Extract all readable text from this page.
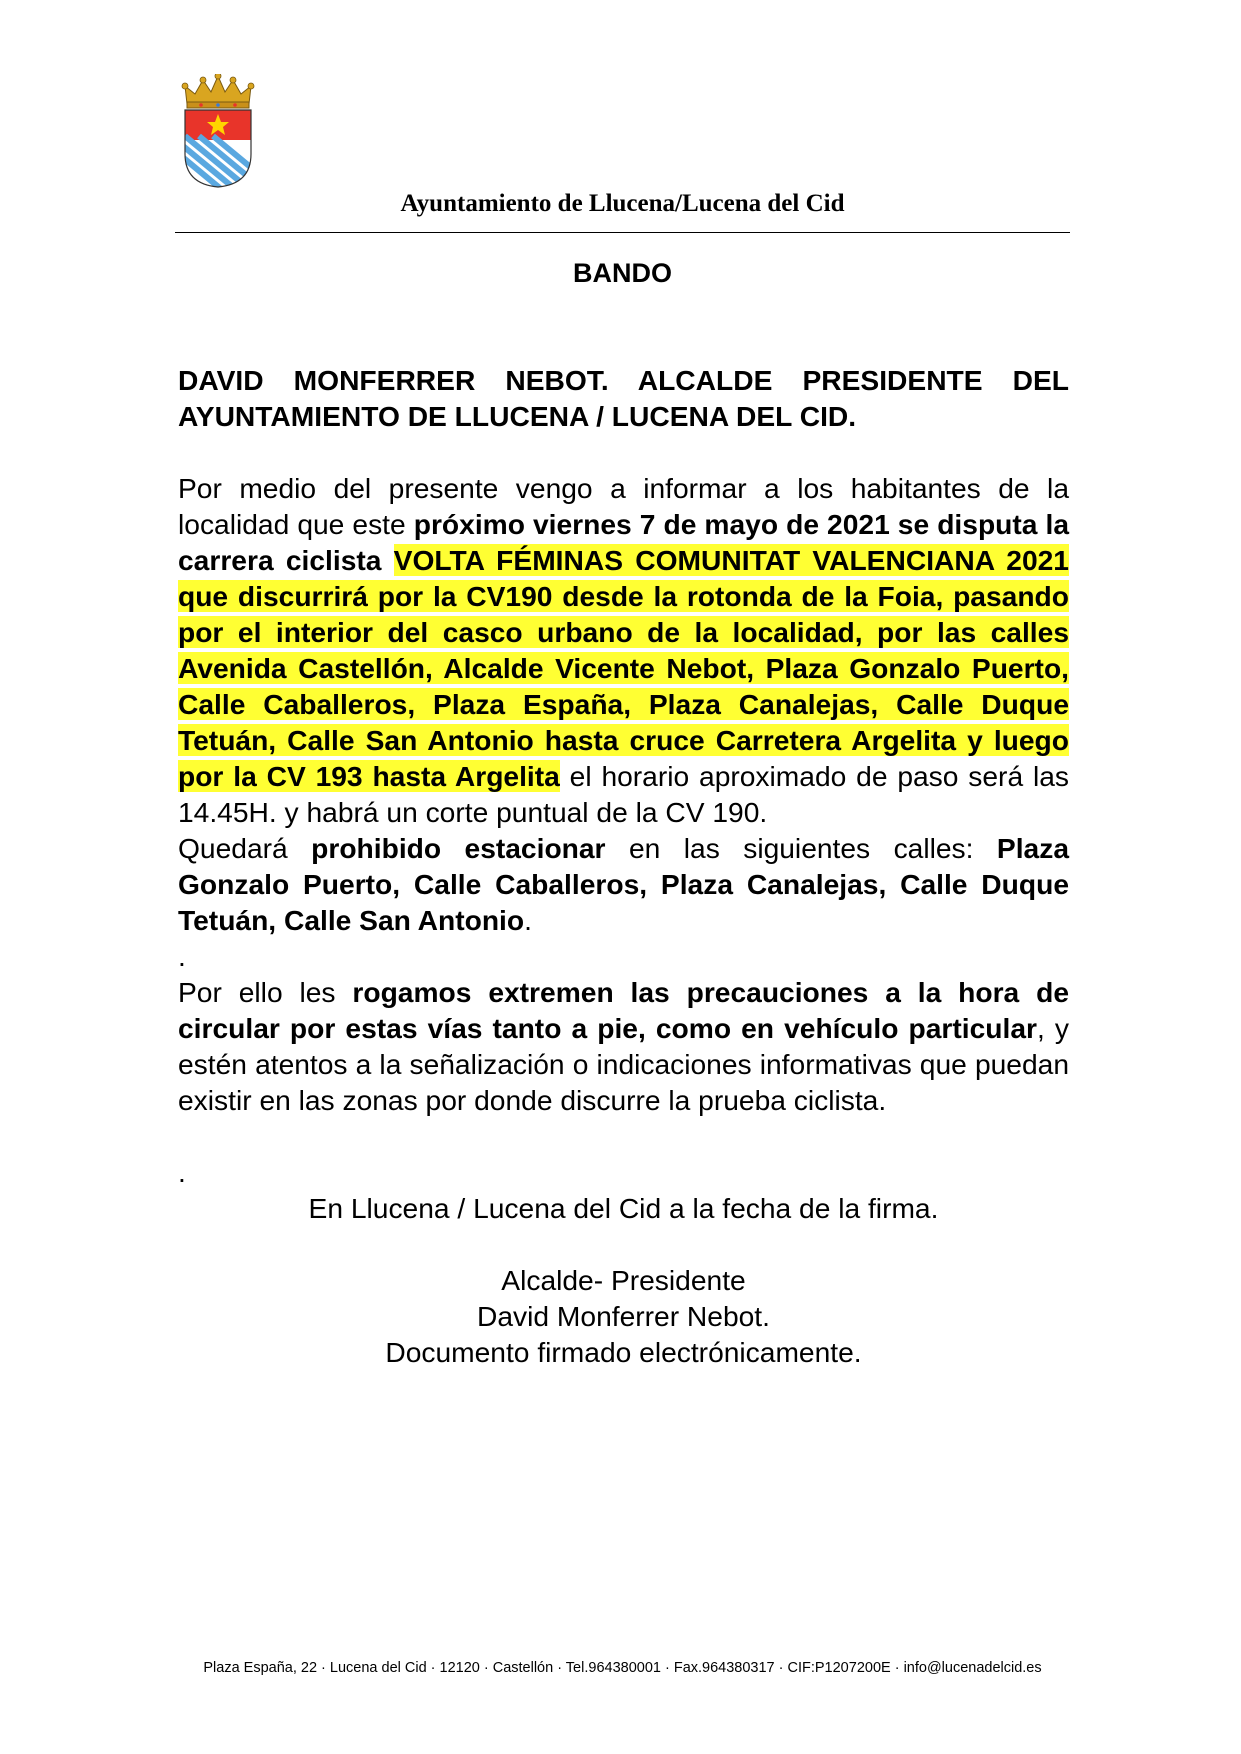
Ayuntamiento de Llucena/Lucena del Cid
BANDO

DAVID MONFERRER NEBOT. ALCALDE PRESIDENTE DEL AYUNTAMIENTO DE LLUCENA / LUCENA DEL CID.

Por medio del presente vengo a informar a los habitantes de la localidad que este próximo viernes 7 de mayo de 2021 se disputa la carrera ciclista VOLTA FÉMINAS COMUNITAT VALENCIANA 2021 que discurrirá por la CV190 desde la rotonda de la Foia, pasando por el interior del casco urbano de la localidad, por las calles Avenida Castellón, Alcalde Vicente Nebot, Plaza Gonzalo Puerto, Calle Caballeros, Plaza España, Plaza Canalejas, Calle Duque Tetuán, Calle San Antonio hasta cruce Carretera Argelita y luego por la CV 193 hasta Argelita el horario aproximado de paso será las 14.45H. y habrá un corte puntual de la CV 190.

Quedará prohibido estacionar en las siguientes calles: Plaza Gonzalo Puerto, Calle Caballeros, Plaza Canalejas, Calle Duque Tetuán, Calle San Antonio.

.

Por ello les rogamos extremen las precauciones a la hora de circular por estas vías tanto a pie, como en vehículo particular, y estén atentos a la señalización o indicaciones informativas que puedan existir en las zonas por donde discurre la prueba ciclista.

.

En Llucena / Lucena del Cid a la fecha de la firma.

Alcalde- Presidente

David Monferrer Nebot.

Documento firmado electrónicamente.

Plaza España, 22 · Lucena del Cid · 12120 · Castellón · Tel.964380001 · Fax.964380317 · CIF:P1207200E · info@lucenadelcid.es
